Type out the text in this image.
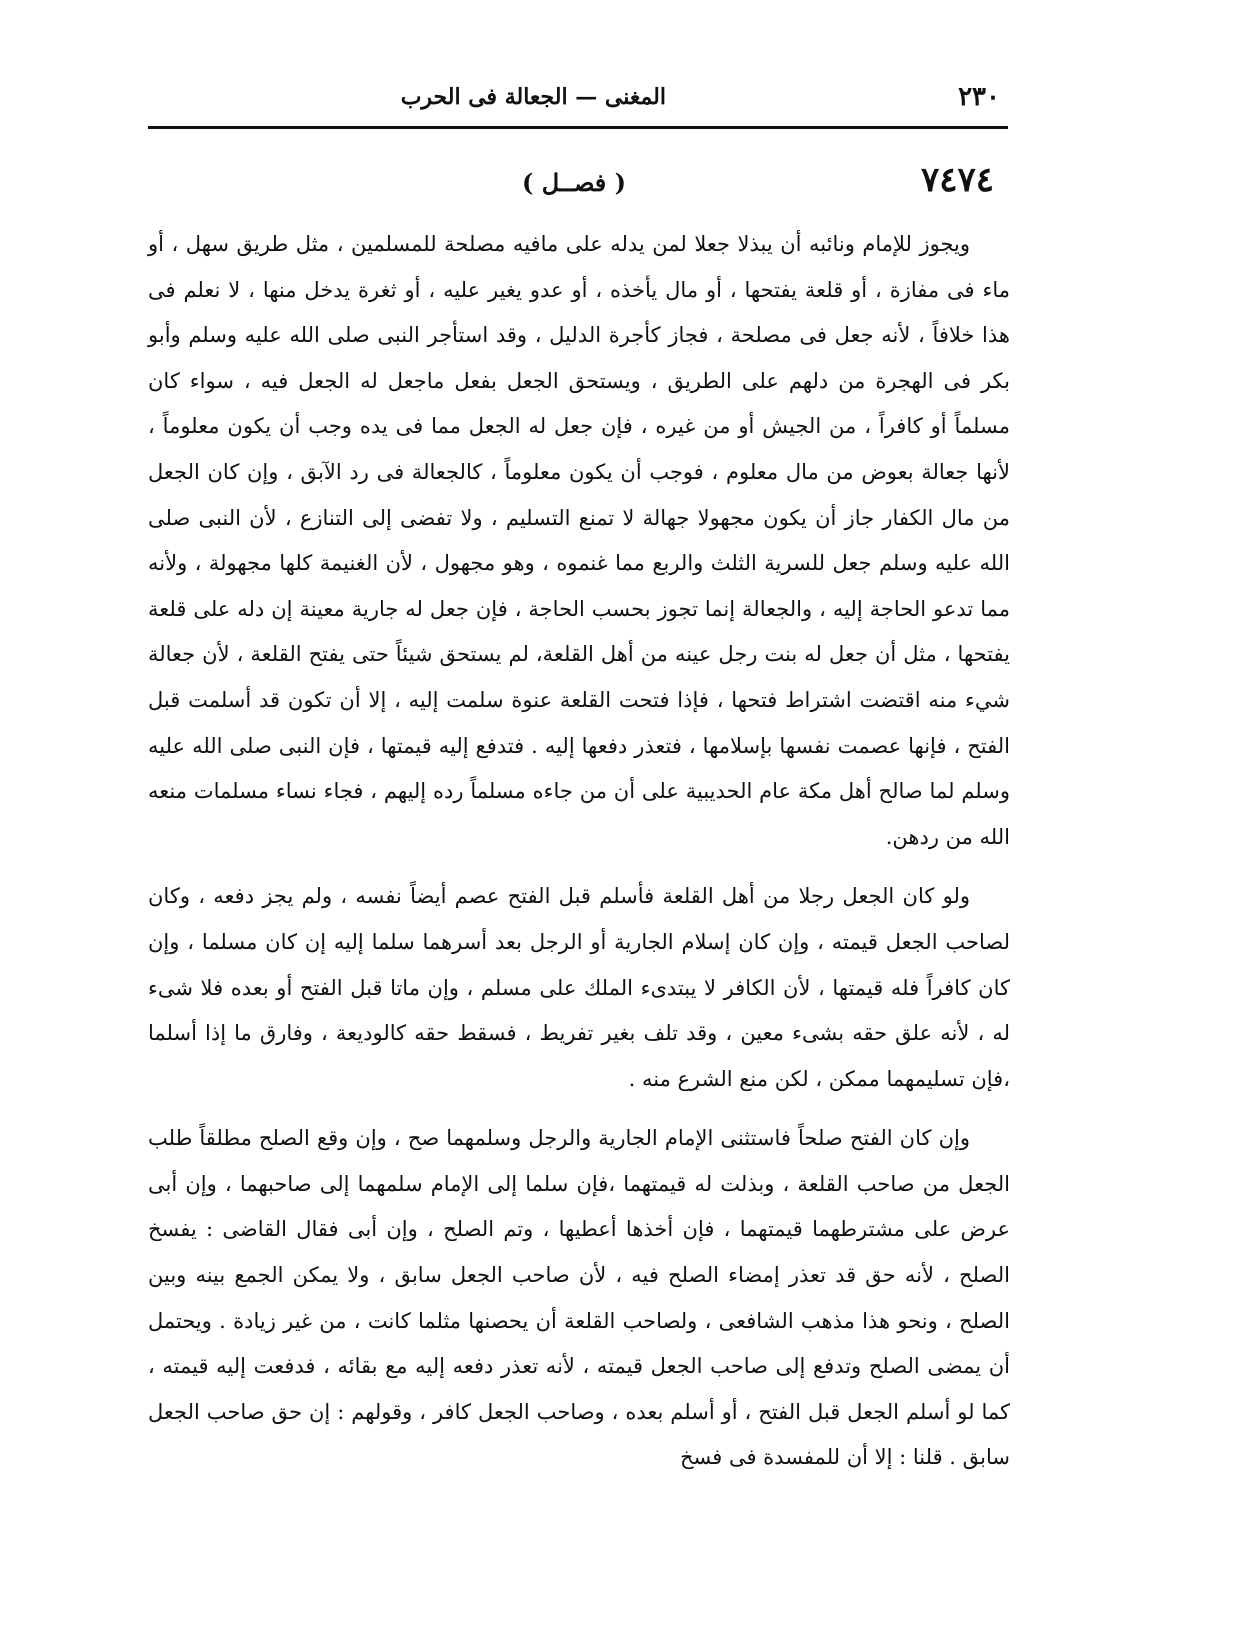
٢٣٠
المغنى — الجعالة فى الحرب
٧٤٧٤
( فصــل )

ويجوز للإمام ونائبه أن يبذلا جعلا لمن يدله على مافيه مصلحة للمسلمين ، مثل طريق سهل ، أو ماء فى مفازة ، أو قلعة يفتحها ، أو مال يأخذه ، أو عدو يغير عليه ، أو ثغرة يدخل منها ، لا نعلم فى هذا خلافاً ، لأنه جعل فى مصلحة ، فجاز كأجرة الدليل ، وقد استأجر النبى صلى الله عليه وسلم وأبو بكر فى الهجرة من دلهم على الطريق ، ويستحق الجعل بفعل ماجعل له الجعل فيه ، سواء كان مسلماً أو كافراً ، من الجيش أو من غيره ، فإن جعل له الجعل مما فى يده وجب أن يكون معلوماً ، لأنها جعالة بعوض من مال معلوم ، فوجب أن يكون معلوماً ، كالجعالة فى رد الآبق ، وإن كان الجعل من مال الكفار جاز أن يكون مجهولا جهالة لا تمنع التسليم ، ولا تفضى إلى التنازع ، لأن النبى صلى الله عليه وسلم جعل للسرية الثلث والربع مما غنموه ، وهو مجهول ، لأن الغنيمة كلها مجهولة ، ولأنه مما تدعو الحاجة إليه ، والجعالة إنما تجوز بحسب الحاجة ، فإن جعل له جارية معينة إن دله على قلعة يفتحها ، مثل أن جعل له بنت رجل عينه من أهل القلعة، لم يستحق شيئاً حتى يفتح القلعة ، لأن جعالة شيء منه اقتضت اشتراط فتحها ، فإذا فتحت القلعة عنوة سلمت إليه ، إلا أن تكون قد أسلمت قبل الفتح ، فإنها عصمت نفسها بإسلامها ، فتعذر دفعها إليه . فتدفع إليه قيمتها ، فإن النبى صلى الله عليه وسلم لما صالح أهل مكة عام الحديبية على أن من جاءه مسلماً رده إليهم ، فجاء نساء مسلمات منعه الله من ردهن.

ولو كان الجعل رجلا من أهل القلعة فأسلم قبل الفتح عصم أيضاً نفسه ، ولم يجز دفعه ، وكان لصاحب الجعل قيمته ، وإن كان إسلام الجارية أو الرجل بعد أسرهما سلما إليه إن كان مسلما ، وإن كان كافراً فله قيمتها ، لأن الكافر لا يبتدىء الملك على مسلم ، وإن ماتا قبل الفتح أو بعده فلا شىء له ، لأنه علق حقه بشىء معين ، وقد تلف بغير تفريط ، فسقط حقه كالوديعة ، وفارق ما إذا أسلما ،فإن تسليمهما ممكن ، لكن منع الشرع منه .

وإن كان الفتح صلحاً فاستثنى الإمام الجارية والرجل وسلمهما صح ، وإن وقع الصلح مطلقاً طلب الجعل من صاحب القلعة ، وبذلت له قيمتهما ،فإن سلما إلى الإمام سلمهما إلى صاحبهما ، وإن أبى عرض على مشترطهما قيمتهما ، فإن أخذها أعطيها ، وتم الصلح ، وإن أبى فقال القاضى : يفسخ الصلح ، لأنه حق قد تعذر إمضاء الصلح فيه ، لأن صاحب الجعل سابق ، ولا يمكن الجمع بينه وبين الصلح ، ونحو هذا مذهب الشافعى ، ولصاحب القلعة أن يحصنها مثلما كانت ، من غير زيادة . ويحتمل أن يمضى الصلح وتدفع إلى صاحب الجعل قيمته ، لأنه تعذر دفعه إليه مع بقائه ، فدفعت إليه قيمته ، كما لو أسلم الجعل قبل الفتح ، أو أسلم بعده ، وصاحب الجعل كافر ، وقولهم : إن حق صاحب الجعل سابق . قلنا : إلا أن للمفسدة فى فسخ
